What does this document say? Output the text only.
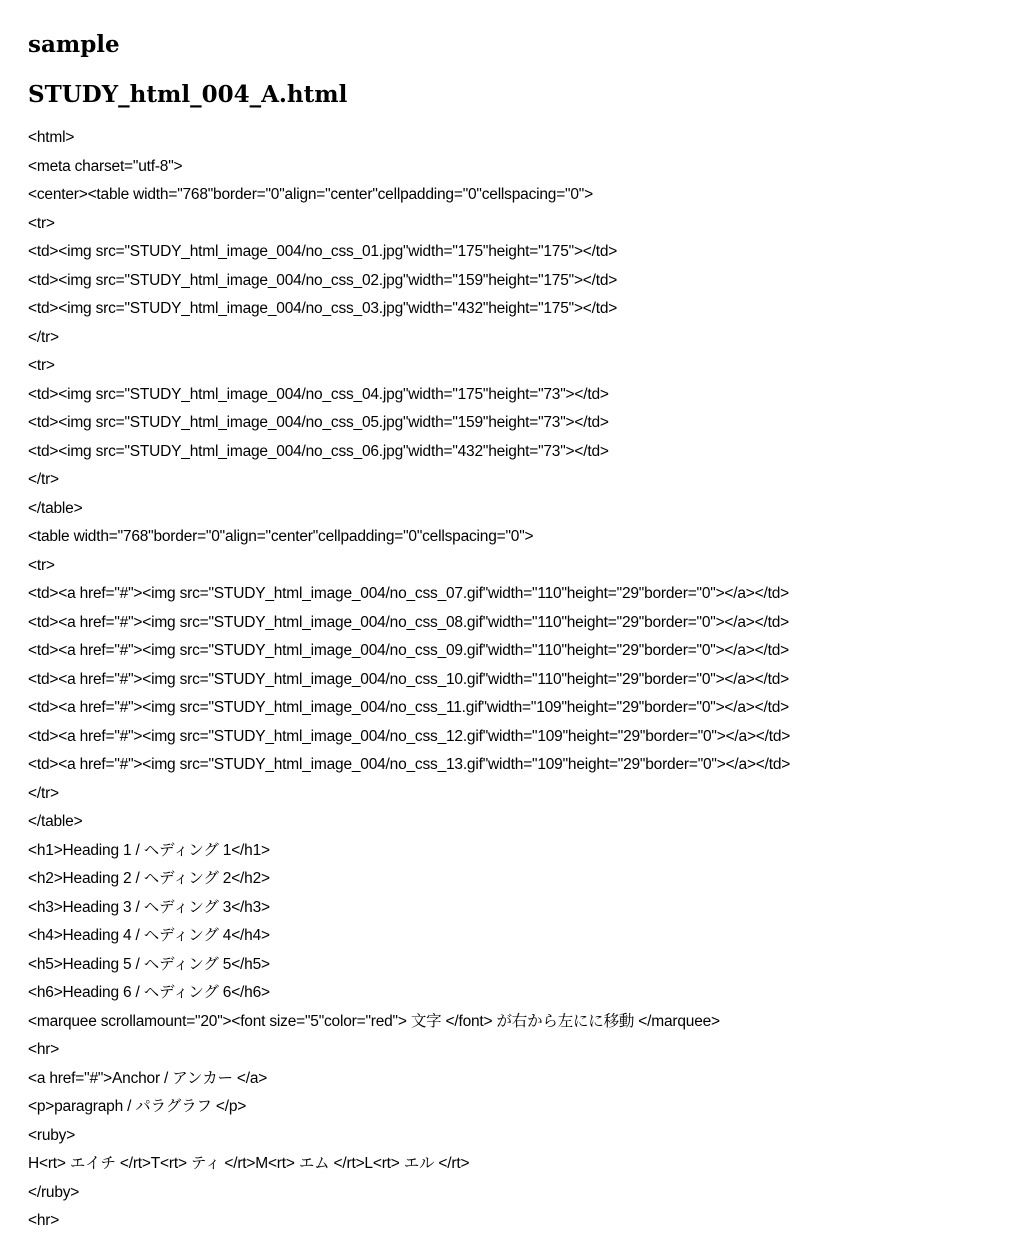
sample
STUDY_html_004_A.html
<html>
<meta charset="utf-8">
<center><table width="768"border="0"align="center"cellpadding="0"cellspacing="0">
<tr>
<td><img src="STUDY_html_image_004/no_css_01.jpg"width="175"height="175"></td>
<td><img src="STUDY_html_image_004/no_css_02.jpg"width="159"height="175"></td>
<td><img src="STUDY_html_image_004/no_css_03.jpg"width="432"height="175"></td>
</tr>
<tr>
<td><img src="STUDY_html_image_004/no_css_04.jpg"width="175"height="73"></td>
<td><img src="STUDY_html_image_004/no_css_05.jpg"width="159"height="73"></td>
<td><img src="STUDY_html_image_004/no_css_06.jpg"width="432"height="73"></td>
</tr>
</table>
<table width="768"border="0"align="center"cellpadding="0"cellspacing="0">
<tr>
<td><a href="#"><img src="STUDY_html_image_004/no_css_07.gif"width="110"height="29"border="0"></a></td>
<td><a href="#"><img src="STUDY_html_image_004/no_css_08.gif"width="110"height="29"border="0"></a></td>
<td><a href="#"><img src="STUDY_html_image_004/no_css_09.gif"width="110"height="29"border="0"></a></td>
<td><a href="#"><img src="STUDY_html_image_004/no_css_10.gif"width="110"height="29"border="0"></a></td>
<td><a href="#"><img src="STUDY_html_image_004/no_css_11.gif"width="109"height="29"border="0"></a></td>
<td><a href="#"><img src="STUDY_html_image_004/no_css_12.gif"width="109"height="29"border="0"></a></td>
<td><a href="#"><img src="STUDY_html_image_004/no_css_13.gif"width="109"height="29"border="0"></a></td>
</tr>
</table>
<h1>Heading 1 / ヘディング 1</h1>
<h2>Heading 2 / ヘディング 2</h2>
<h3>Heading 3 / ヘディング 3</h3>
<h4>Heading 4 / ヘディング 4</h4>
<h5>Heading 5 / ヘディング 5</h5>
<h6>Heading 6 / ヘディング 6</h6>
<marquee scrollamount="20"><font size="5"color="red"> 文字 </font> が右から左にに移動 </marquee>
<hr>
<a href="#">Anchor / アンカー </a>
<p>paragraph / パラグラフ </p>
<ruby>
H<rt> エイチ </rt>T<rt> ティ </rt>M<rt> エム </rt>L<rt> エル </rt>
</ruby>
<hr>
